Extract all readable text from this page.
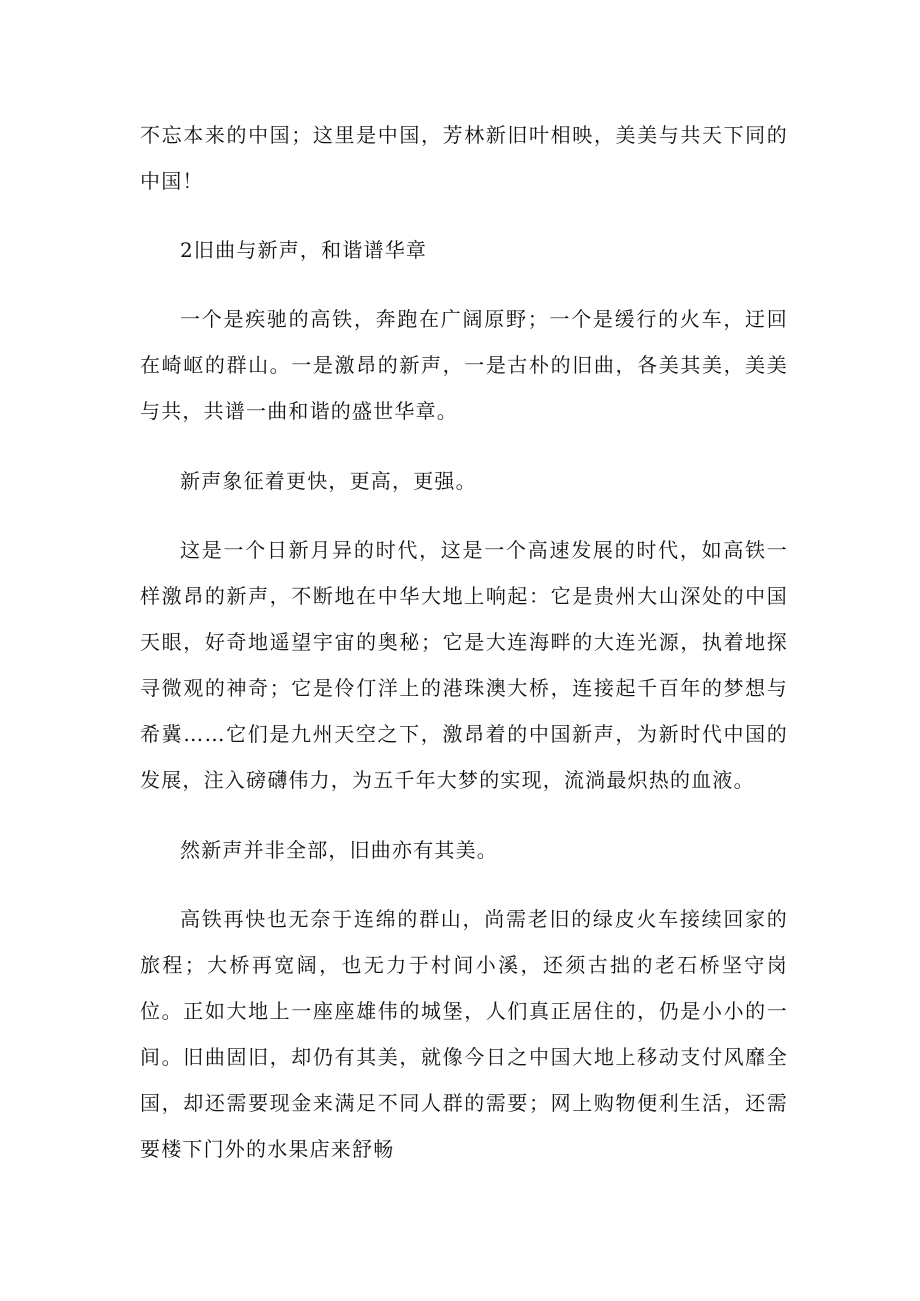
不忘本来的中国；这里是中国，芳林新旧叶相映，美美与共天下同的中国！

2旧曲与新声，和谐谱华章

一个是疾驰的高铁，奔跑在广阔原野；一个是缓行的火车，迂回在崎岖的群山。一是激昂的新声，一是古朴的旧曲，各美其美，美美与共，共谱一曲和谐的盛世华章。

新声象征着更快，更高，更强。

这是一个日新月异的时代，这是一个高速发展的时代，如高铁一样激昂的新声，不断地在中华大地上响起：它是贵州大山深处的中国天眼，好奇地遥望宇宙的奥秘；它是大连海畔的大连光源，执着地探寻微观的神奇；它是伶仃洋上的港珠澳大桥，连接起千百年的梦想与希冀……它们是九州天空之下，激昂着的中国新声，为新时代中国的发展，注入磅礴伟力，为五千年大梦的实现，流淌最炽热的血液。

然新声并非全部，旧曲亦有其美。

高铁再快也无奈于连绵的群山，尚需老旧的绿皮火车接续回家的旅程；大桥再宽阔，也无力于村间小溪，还须古拙的老石桥坚守岗位。正如大地上一座座雄伟的城堡，人们真正居住的，仍是小小的一间。旧曲固旧，却仍有其美，就像今日之中国大地上移动支付风靡全国，却还需要现金来满足不同人群的需要；网上购物便利生活，还需要楼下门外的水果店来舒畅
